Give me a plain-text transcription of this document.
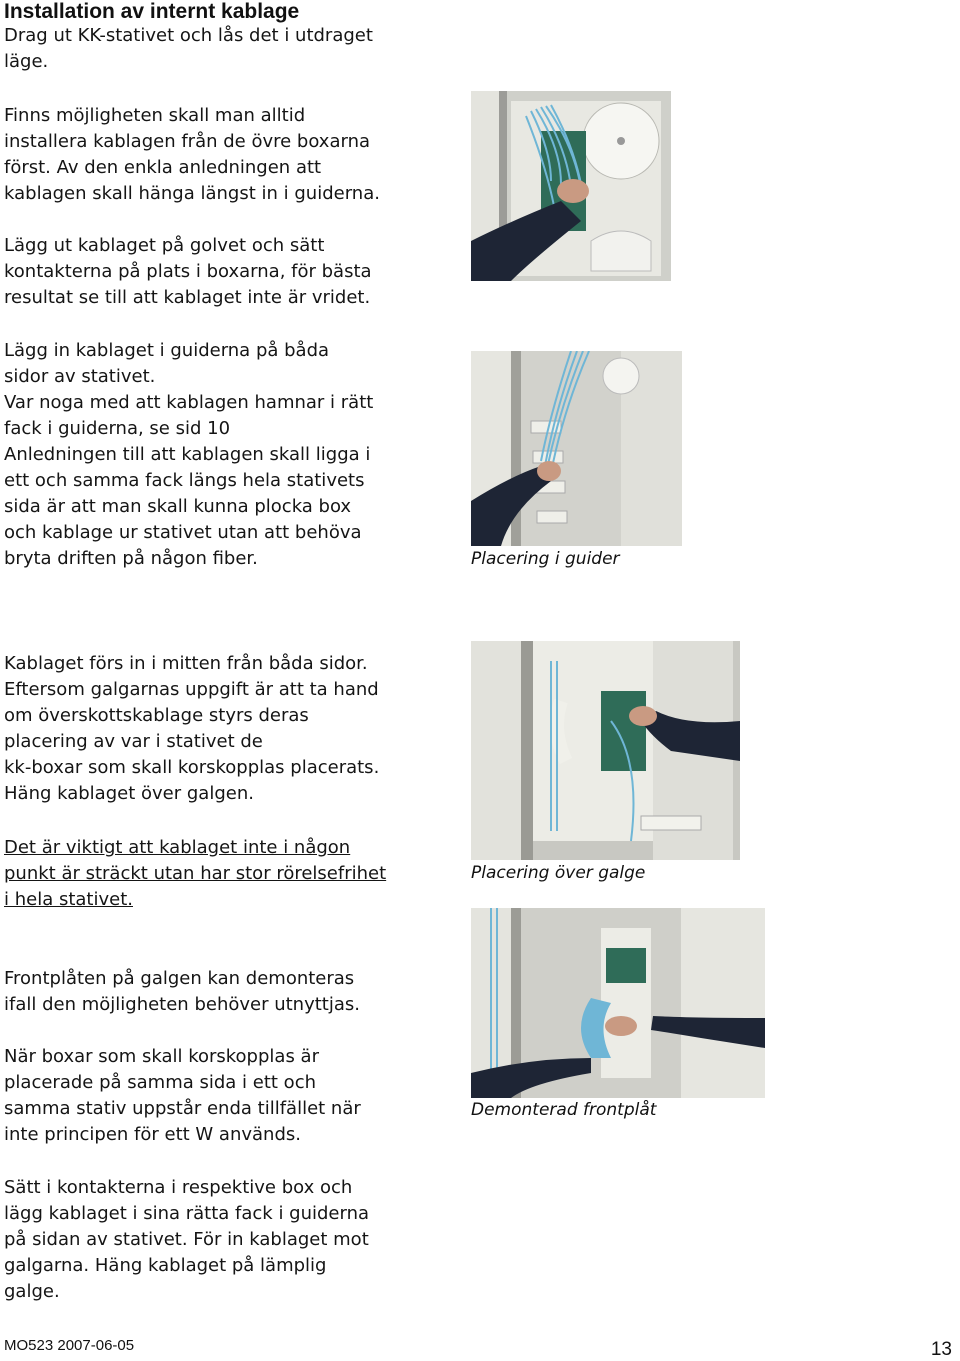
Installation av internt kablage
Drag ut KK-stativet och lås det i utdraget
läge.
Finns möjligheten skall man alltid
installera kablagen från de övre boxarna
först. Av den enkla anledningen att
kablagen skall hänga längst in i guiderna.
Lägg ut kablaget på golvet och sätt
kontakterna på plats i boxarna, för bästa
resultat se till att kablaget inte är vridet.
Lägg in kablaget i guiderna på båda
sidor av stativet.
Var noga med att kablagen hamnar i rätt
fack i guiderna, se sid 10
Anledningen till att kablagen skall ligga i
ett och samma fack längs hela stativets
sida är att man skall kunna plocka box
och kablage ur stativet utan att behöva
bryta driften på någon fiber.
Kablaget förs in i mitten från båda sidor.
Eftersom galgarnas uppgift är att ta hand
om överskottskablage styrs deras
placering av var i stativet de
kk-boxar som skall korskopplas placerats.
Häng kablaget över galgen.
Det är viktigt att kablaget inte i någon
punkt är sträckt utan har stor rörelsefrihet
i hela stativet.
Frontplåten på galgen kan demonteras
ifall den möjligheten behöver utnyttjas.
När boxar som skall korskopplas är
placerade på samma sida i ett och
samma stativ uppstår enda tillfället när
inte principen för ett W används.
Sätt i kontakterna i respektive box och
lägg kablaget i sina rätta fack i guiderna
på sidan av stativet. För in kablaget mot
galgarna. Häng kablaget på lämplig
galge.
Placering i guider
Placering över galge
Demonterad frontplåt
MO523 2007-06-05	13
